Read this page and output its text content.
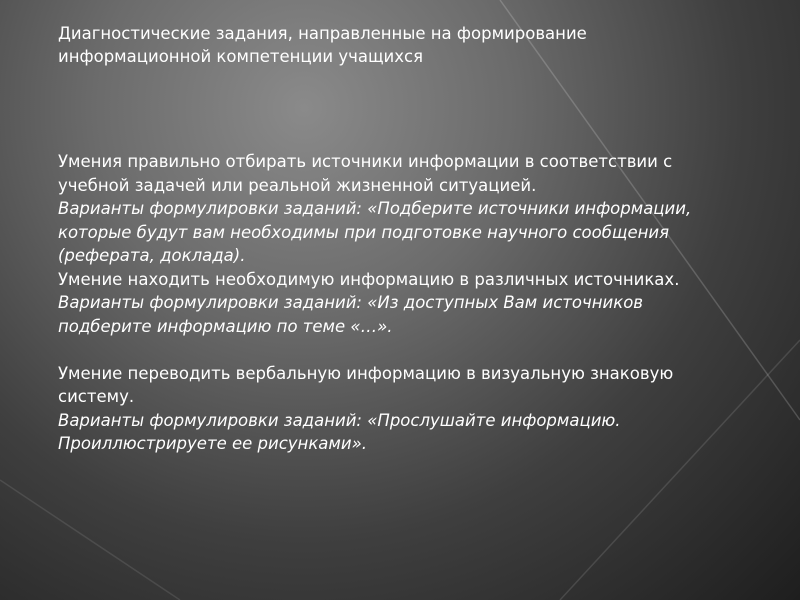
Диагностические задания, направленные на формирование информационной компетенции учащихся

Умения правильно отбирать источники информации в соответствии с учебной задачей или реальной жизненной ситуацией.

Варианты формулировки заданий: «Подберите источники информации, которые будут вам необходимы при подготовке научного сообщения (реферата, доклада).

Умение находить необходимую информацию в различных источниках.

Варианты формулировки заданий: «Из доступных Вам источников подберите информацию по теме «…».

Умение переводить вербальную информацию в визуальную знаковую систему.

Варианты формулировки заданий: «Прослушайте информацию. Проиллюстрируете ее рисунками».
